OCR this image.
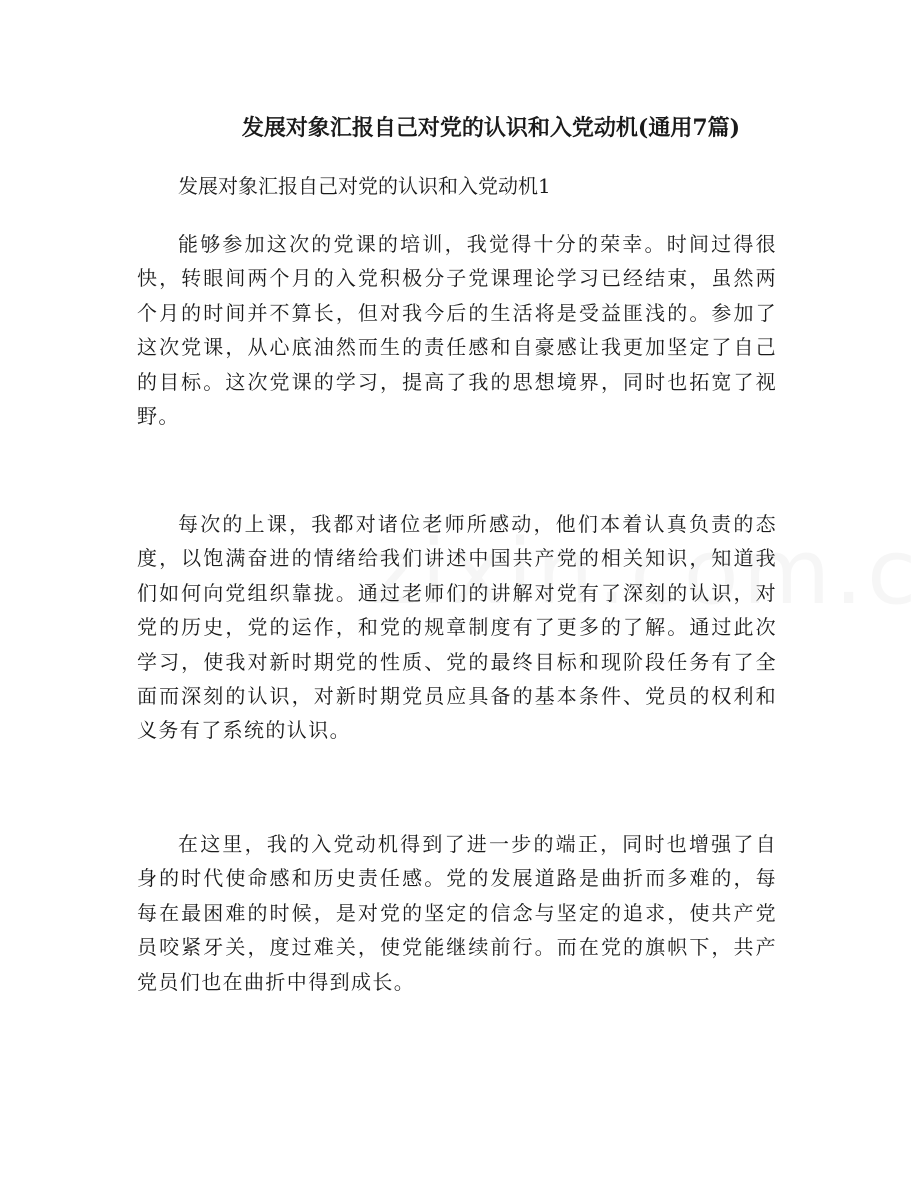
发展对象汇报自己对党的认识和入党动机(通用7篇)
发展对象汇报自己对党的认识和入党动机1

能够参加这次的党课的培训，我觉得十分的荣幸。时间过得很快，转眼间两个月的入党积极分子党课理论学习已经结束，虽然两个月的时间并不算长，但对我今后的生活将是受益匪浅的。参加了这次党课，从心底油然而生的责任感和自豪感让我更加坚定了自己的目标。这次党课的学习，提高了我的思想境界，同时也拓宽了视野。

每次的上课，我都对诸位老师所感动，他们本着认真负责的态度，以饱满奋进的情绪给我们讲述中国共产党的相关知识，知道我们如何向党组织靠拢。通过老师们的讲解对党有了深刻的认识，对党的历史，党的运作，和党的规章制度有了更多的了解。通过此次学习，使我对新时期党的性质、党的最终目标和现阶段任务有了全面而深刻的认识，对新时期党员应具备的基本条件、党员的权利和义务有了系统的认识。

在这里，我的入党动机得到了进一步的端正，同时也增强了自身的时代使命感和历史责任感。党的发展道路是曲折而多难的，每每在最困难的时候，是对党的坚定的信念与坚定的追求，使共产党员咬紧牙关，度过难关，使党能继续前行。而在党的旗帜下，共产党员们也在曲折中得到成长。
